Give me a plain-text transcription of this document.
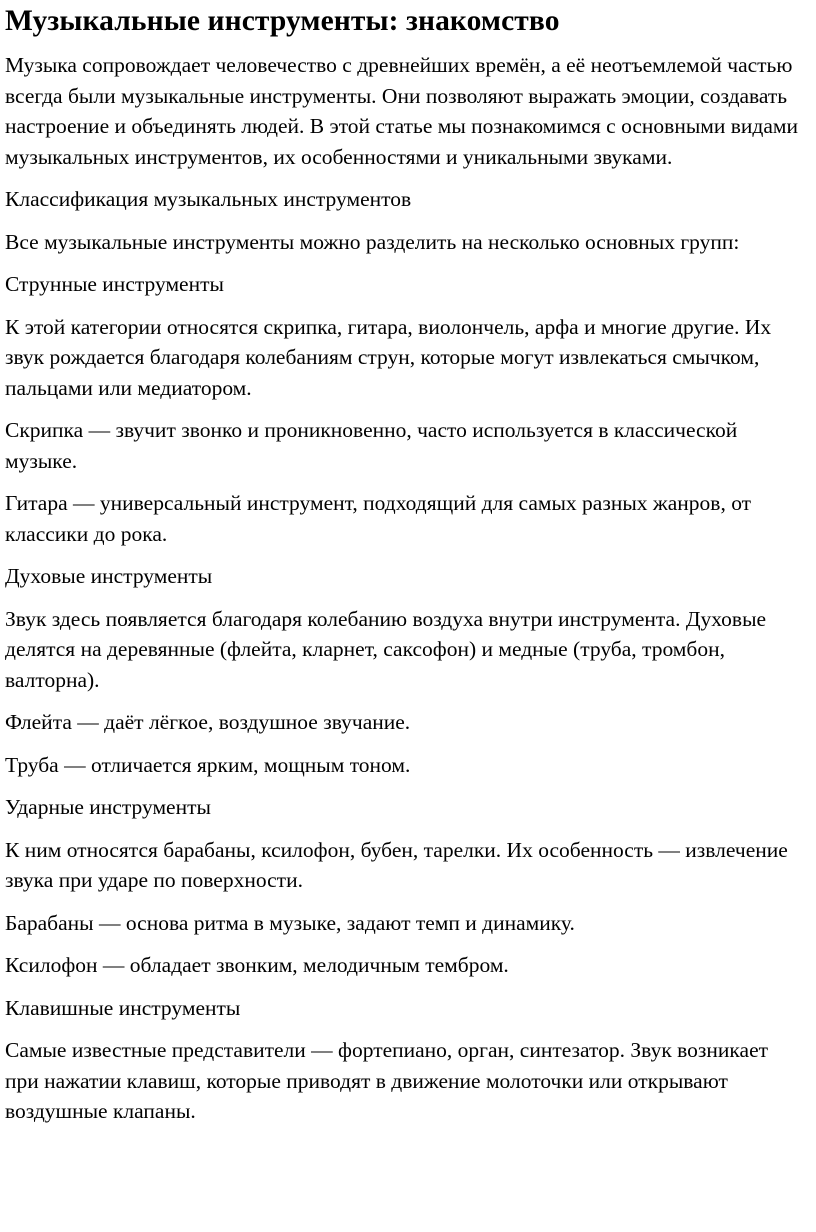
Музыкальные инструменты: знакомство

Музыка сопровождает человечество с древнейших времён, а её неотъемлемой частью всегда были музыкальные инструменты. Они позволяют выражать эмоции, создавать настроение и объединять людей. В этой статье мы познакомимся с основными видами музыкальных инструментов, их особенностями и уникальными звуками.

Классификация музыкальных инструментов

Все музыкальные инструменты можно разделить на несколько основных групп:

Струнные инструменты

К этой категории относятся скрипка, гитара, виолончель, арфа и многие другие. Их звук рождается благодаря колебаниям струн, которые могут извлекаться смычком, пальцами или медиатором.

Скрипка — звучит звонко и проникновенно, часто используется в классической музыке.

Гитара — универсальный инструмент, подходящий для самых разных жанров, от классики до рока.

Духовые инструменты

Звук здесь появляется благодаря колебанию воздуха внутри инструмента. Духовые делятся на деревянные (флейта, кларнет, саксофон) и медные (труба, тромбон, валторна).

Флейта — даёт лёгкое, воздушное звучание.

Труба — отличается ярким, мощным тоном.

Ударные инструменты

К ним относятся барабаны, ксилофон, бубен, тарелки. Их особенность — извлечение звука при ударе по поверхности.

Барабаны — основа ритма в музыке, задают темп и динамику.

Ксилофон — обладает звонким, мелодичным тембром.

Клавишные инструменты

Самые известные представители — фортепиано, орган, синтезатор. Звук возникает при нажатии клавиш, которые приводят в движение молоточки или открывают воздушные клапаны.
